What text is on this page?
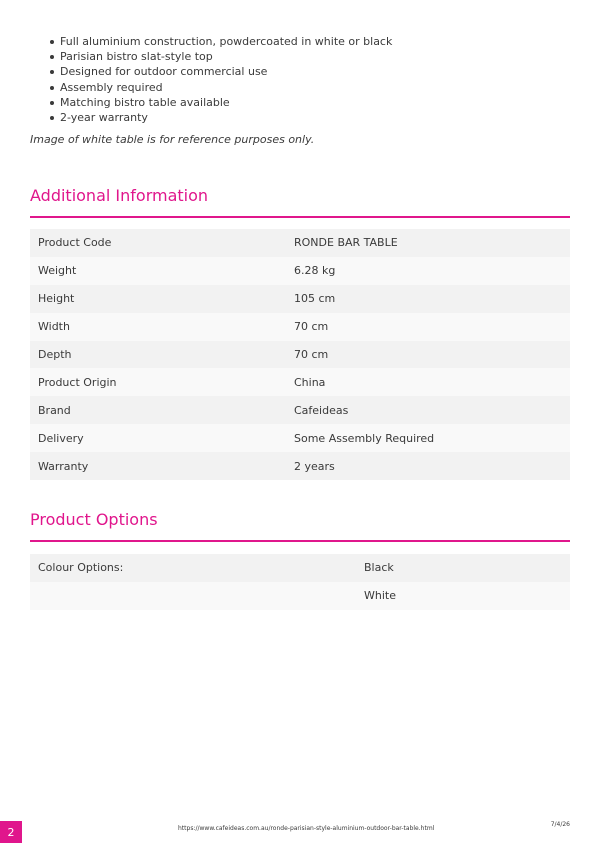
Full aluminium construction, powdercoated in white or black
Parisian bistro slat-style top
Designed for outdoor commercial use
Assembly required
Matching bistro table available
2-year warranty
Image of white table is for reference purposes only.
Additional Information
Product Code	RONDE BAR TABLE
Weight	6.28 kg
Height	105 cm
Width	70 cm
Depth	70 cm
Product Origin	China
Brand	Cafeideas
Delivery	Some Assembly Required
Warranty	2 years
Product Options
Colour Options:	Black
White
2	https://www.cafeideas.com.au/ronde-parisian-style-aluminium-outdoor-bar-table.html
7/4/26
